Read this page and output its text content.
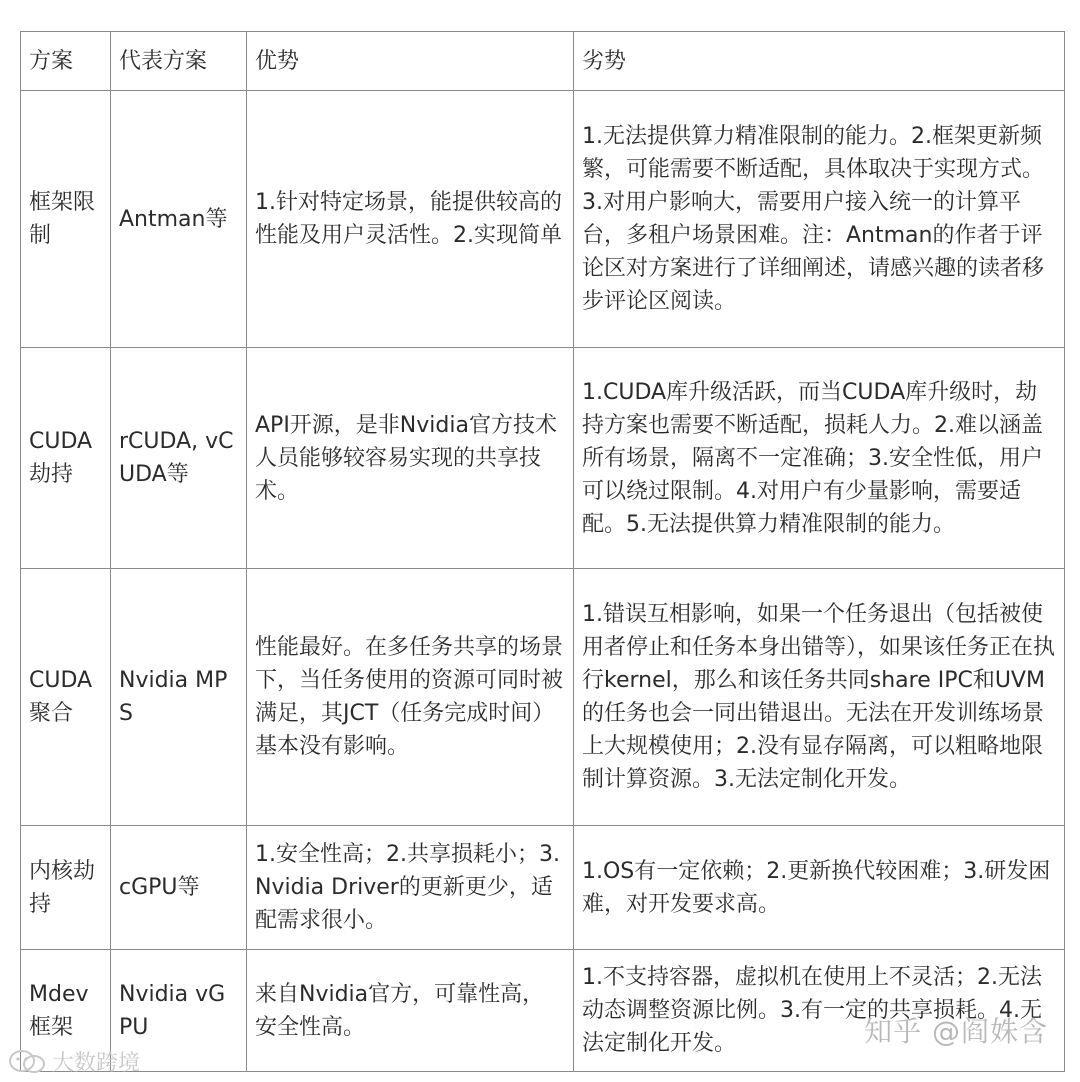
方案	代表方案	优势	劣势
框架限制	Antman等	1.针对特定场景，能提供较高的性能及用户灵活性。2.实现简单	1.无法提供算力精准限制的能力。2.框架更新频繁，可能需要不断适配，具体取决于实现方式。3.对用户影响大，需要用户接入统一的计算平台，多租户场景困难。注：Antman的作者于评论区对方案进行了详细阐述，请感兴趣的读者移步评论区阅读。
CUDA劫持	rCUDA, vCUDA等	API开源，是非Nvidia官方技术人员能够较容易实现的共享技术。	1.CUDA库升级活跃，而当CUDA库升级时，劫持方案也需要不断适配，损耗人力。2.难以涵盖所有场景，隔离不一定准确；3.安全性低，用户可以绕过限制。4.对用户有少量影响，需要适配。5.无法提供算力精准限制的能力。
CUDA聚合	Nvidia MPS	性能最好。在多任务共享的场景下，当任务使用的资源可同时被满足，其JCT（任务完成时间）基本没有影响。	1.错误互相影响，如果一个任务退出（包括被使用者停止和任务本身出错等），如果该任务正在执行kernel，那么和该任务共同share IPC和UVM的任务也会一同出错退出。无法在开发训练场景上大规模使用；2.没有显存隔离，可以粗略地限制计算资源。3.无法定制化开发。
内核劫持	cGPU等	1.安全性高；2.共享损耗小；3.Nvidia Driver的更新更少，适配需求很小。	1.OS有一定依赖；2.更新换代较困难；3.研发困难，对开发要求高。
Mdev框架	Nvidia vGPU	来自Nvidia官方，可靠性高，安全性高。	1.不支持容器，虚拟机在使用上不灵活；2.无法动态调整资源比例。3.有一定的共享损耗。4.无法定制化开发。	知乎 @阎姝含
大数跨境
